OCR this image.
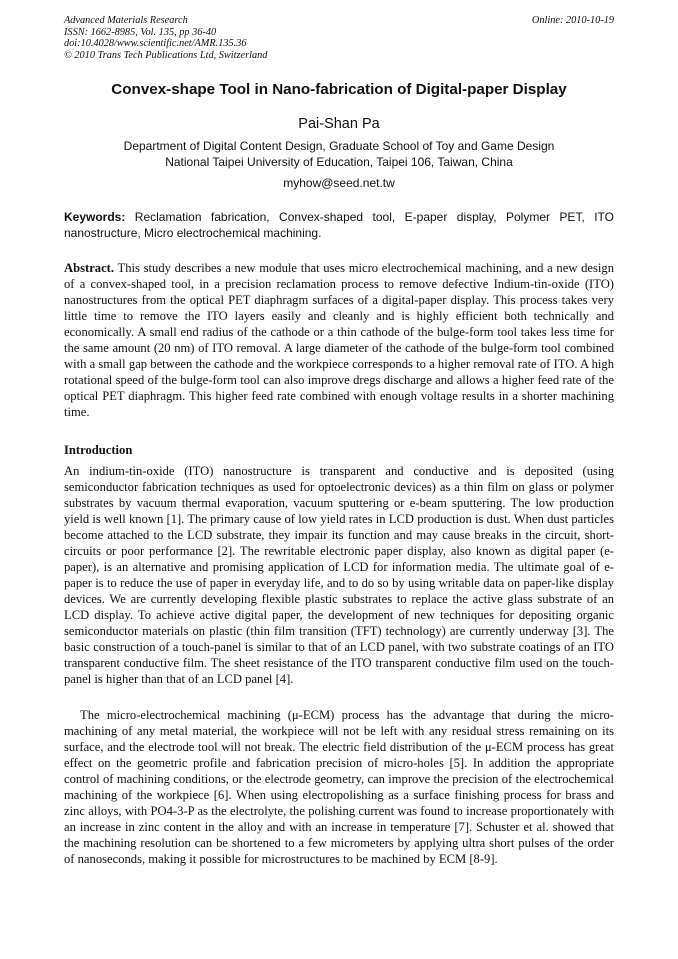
Advanced Materials Research
ISSN: 1662-8985, Vol. 135, pp 36-40
doi:10.4028/www.scientific.net/AMR.135.36
© 2010 Trans Tech Publications Ltd, Switzerland
Online: 2010-10-19
Convex-shape Tool in Nano-fabrication of Digital-paper Display
Pai-Shan Pa
Department of Digital Content Design, Graduate School of Toy and Game Design
National Taipei University of Education, Taipei 106, Taiwan, China
myhow@seed.net.tw
Keywords: Reclamation fabrication, Convex-shaped tool, E-paper display, Polymer PET, ITO nanostructure, Micro electrochemical machining.

Abstract. This study describes a new module that uses micro electrochemical machining, and a new design of a convex-shaped tool, in a precision reclamation process to remove defective Indium-tin-oxide (ITO) nanostructures from the optical PET diaphragm surfaces of a digital-paper display. This process takes very little time to remove the ITO layers easily and cleanly and is highly efficient both technically and economically. A small end radius of the cathode or a thin cathode of the bulge-form tool takes less time for the same amount (20 nm) of ITO removal. A large diameter of the cathode of the bulge-form tool combined with a small gap between the cathode and the workpiece corresponds to a higher removal rate of ITO. A high rotational speed of the bulge-form tool can also improve dregs discharge and allows a higher feed rate of the optical PET diaphragm. This higher feed rate combined with enough voltage results in a shorter machining time.

Introduction

An indium-tin-oxide (ITO) nanostructure is transparent and conductive and is deposited (using semiconductor fabrication techniques as used for optoelectronic devices) as a thin film on glass or polymer substrates by vacuum thermal evaporation, vacuum sputtering or e-beam sputtering. The low production yield is well known [1]. The primary cause of low yield rates in LCD production is dust. When dust particles become attached to the LCD substrate, they impair its function and may cause breaks in the circuit, short-circuits or poor performance [2]. The rewritable electronic paper display, also known as digital paper (e-paper), is an alternative and promising application of LCD for information media. The ultimate goal of e-paper is to reduce the use of paper in everyday life, and to do so by using writable data on paper-like display devices. We are currently developing flexible plastic substrates to replace the active glass substrate of an LCD display. To achieve active digital paper, the development of new techniques for depositing organic semiconductor materials on plastic (thin film transition (TFT) technology) are currently underway [3]. The basic construction of a touch-panel is similar to that of an LCD panel, with two substrate coatings of an ITO transparent conductive film. The sheet resistance of the ITO transparent conductive film used on the touch-panel is higher than that of an LCD panel [4].

The micro-electrochemical machining (μ-ECM) process has the advantage that during the micro-machining of any metal material, the workpiece will not be left with any residual stress remaining on its surface, and the electrode tool will not break. The electric field distribution of the μ-ECM process has great effect on the geometric profile and fabrication precision of micro-holes [5]. In addition the appropriate control of machining conditions, or the electrode geometry, can improve the precision of the electrochemical machining of the workpiece [6]. When using electropolishing as a surface finishing process for brass and zinc alloys, with PO4-3-P as the electrolyte, the polishing current was found to increase proportionately with an increase in zinc content in the alloy and with an increase in temperature [7]. Schuster et al. showed that the machining resolution can be shortened to a few micrometers by applying ultra short pulses of the order of nanoseconds, making it possible for microstructures to be machined by ECM [8-9].
